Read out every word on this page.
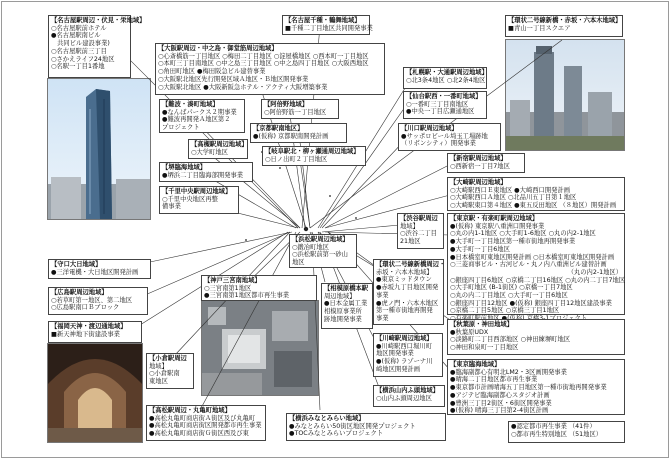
【名古屋駅周辺・伏見・栄地域】
○名古屋駅前ホテル
●名古屋駅南ビル
共同ビル建設事業)
○名古屋駅前三丁目
○さかえライフ24地区
○名駅一丁目1番地
【名古屋千種・鶴舞地域】
■千種二丁目地区共同開発事業
【環状二号線新橋・赤坂・六本木地域】
■青山一丁目スクエア
【大阪駅周辺・中之島・御堂筋周辺地域】
○心斎橋筋一丁目地区 ○梅田二丁目地区 ○淀屋橋地区 ○西本町一丁目地区
○本町三丁目南地区 ○中之島三丁目地区 ○中之島四丁目地区 ○大阪西地区
○角田町地区 ●梅田阪急ビル建替事業
○大阪駅北地区先行開発区域Ａ地区・Ｂ地区開発事業
○大阪駅北地区 ●大阪新阪急ホテル・アクティ大阪増築事業
【札幌駅・大通駅周辺地域】
○北3条4地区 ○北2条4地区
【仙台駅西・一番町地域】
○一番町三丁目南地区
●中央一丁目広瀬通地区
【難波・湊町地域】
●なんばパークス２期事業
●難波再開発Ａ地区第２
プロジェクト
【阿倍野地域】
○阿倍野筋一丁目地区
【京都駅南地区】
●(仮称) 京都駅南開発計画
【川口駅周辺地域】
●サッポロビール埼玉工場跡地
（リボンシティ）開発事業
【高槻駅周辺地域】
○大学町地区	【岐阜駅北・柳ヶ瀬通周辺地域】
○日ノ出町２丁目地区	【新宿駅周辺地域】
○西新宿一丁目7地区
【堺臨海地域】
●堺浜二丁目臨海部開発事業
【大崎駅周辺地域】
○大崎駅西口Ｅ東地区 ●大崎西口開発計画
○大崎駅西口Ａ地区 ○北品川五丁目第１地区
○大崎駅東口第４地区 ●東五反田地区 （８地区）開発計画
【千里中央駅周辺地域】
○千里中央地区再整
備事業
【渋谷駅周辺
地域】
○渋谷二丁目
21地区
【東京駅・有楽町駅周辺地域】
●(仮称) 東京駅八重洲口開発事業
○丸の内1-1地区 ○大手町1-6地区 ○丸の内2-1地区
●大手町一丁目地区第一種市街地再開発事業
●大手町一丁目6地区
●日本橋室町東地区開発計画 ○日本橋室町東地区開発計画
○三菱商事ビル・古河ビル・丸ノ内八重洲ビル建替計画
（丸の内2-1地区）
○銀座四丁目6地区 ○京橋二丁目16地区 ○丸の内二丁目7地区
○大手町地区 (B-1街区) ○京橋一丁目7地区
○丸の内二丁目地区 ○大手町一丁目6地区
○銀座四丁目12地区 ●(仮称) 銀座四丁目12地区建設事業
○京橋二丁目5地区 ○京橋三丁目1地区
【守口大日地域】
●三洋電機・大日地区開発計画
【浜松駅周辺地域】
○鍛冶町地区
○浜松駅前第一砂山
地区	【環状二号線新橋周辺・
赤坂・六本木地域】
●東京ミッドタウン
●赤坂九丁目地区開発
事業
●虎ノ門・六本木地区
第一種市街地再開発
事業
【神戸三宮南地域】
○三宮南第1地区
●三宮南第1地区都市再生事業
【広島駅周辺地域】
○若草町第一地区、第二地区
○広島駅南口Ｂブロック
【相模原橋本駅
周辺地域】
●日本金属工業
相模原事業所
跡地開発事業
【秋葉原・神田地域】
●秋葉原UDX
○淡路町二丁目西部地区 ○神田練塀町地区
○神田和泉町一丁目地区
【福岡天神・渡辺通地域】
■新天神地下街建設事業
【川崎駅周辺地域】
●川崎駅西口堀川町
地区開発事業
●(仮称) ラゾーナ川
崎地区開発計画
【小倉駅周辺
地域】
○小倉駅南
東地区
【東京臨海地域】
●臨海副都心有明北LM2・3区画開発事業
●晴海二丁目地区都市再生事業
●東京都市計画晴海五丁目地区第一種市街地再開発事業
●アジテビ臨海副都心スタジオ計画
●豊洲三丁目2街区・6街区開発事業
●(仮称) 晴海三丁目第2-4街区計画
【横浜山内ふ頭地域】
○山内ふ頭周辺地区
【高松駅周辺・丸亀町地域】
●高松丸亀町商店街Ａ街区及び丸亀町
●高松丸亀町商店街区開発都市再生事業
●高松丸亀町商店街Ｇ街区西及び東
【横浜みなとみらい地域】
●みなとみらい50街区地区開発プロジェクト
●TOCみなとみらいプロジェクト
●認定都市再生事業 （41件）
○都市再生特別地区 （51地区）
